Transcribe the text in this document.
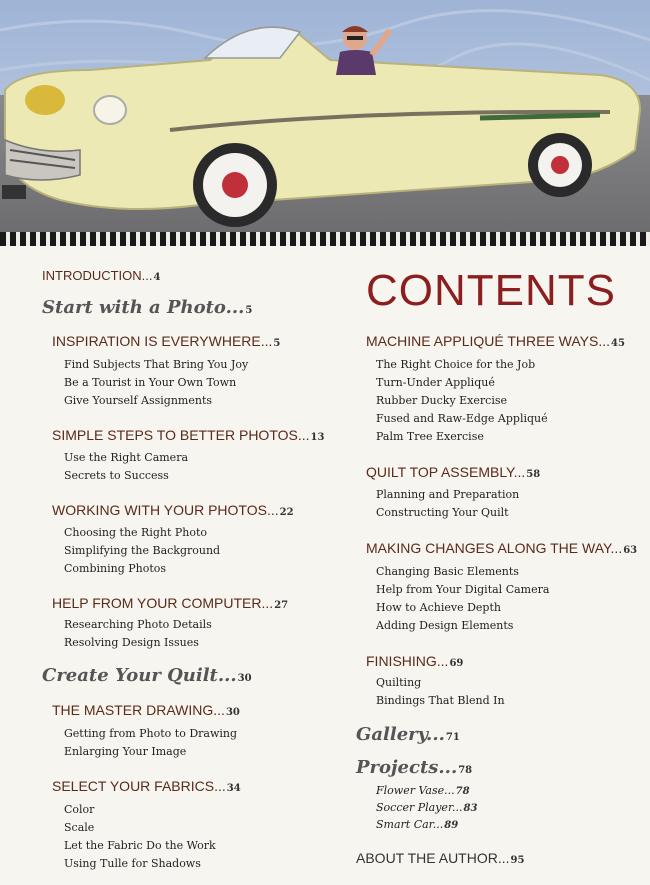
CONTENTS
INTRODUCTION...4
Start with a Photo...5
INSPIRATION IS EVERYWHERE...5
Find Subjects That Bring You Joy
Be a Tourist in Your Own Town
Give Yourself Assignments
SIMPLE STEPS TO BETTER PHOTOS...13
Use the Right Camera
Secrets to Success
WORKING WITH YOUR PHOTOS...22
Choosing the Right Photo
Simplifying the Background
Combining Photos
HELP FROM YOUR COMPUTER...27
Researching Photo Details
Resolving Design Issues
Create Your Quilt...30
THE MASTER DRAWING...30
Getting from Photo to Drawing
Enlarging Your Image
SELECT YOUR FABRICS...34
Color
Scale
Let the Fabric Do the Work
Using Tulle for Shadows
MACHINE APPLIQUÉ THREE WAYS...45
The Right Choice for the Job
Turn-Under Appliqué
Rubber Ducky Exercise
Fused and Raw-Edge Appliqué
Palm Tree Exercise
QUILT TOP ASSEMBLY...58
Planning and Preparation
Constructing Your Quilt
MAKING CHANGES ALONG THE WAY...63
Changing Basic Elements
Help from Your Digital Camera
How to Achieve Depth
Adding Design Elements
FINISHING...69
Quilting
Bindings That Blend In
Gallery...71
Projects...78
Flower Vase...78
Soccer Player...83
Smart Car...89
ABOUT THE AUTHOR...95
